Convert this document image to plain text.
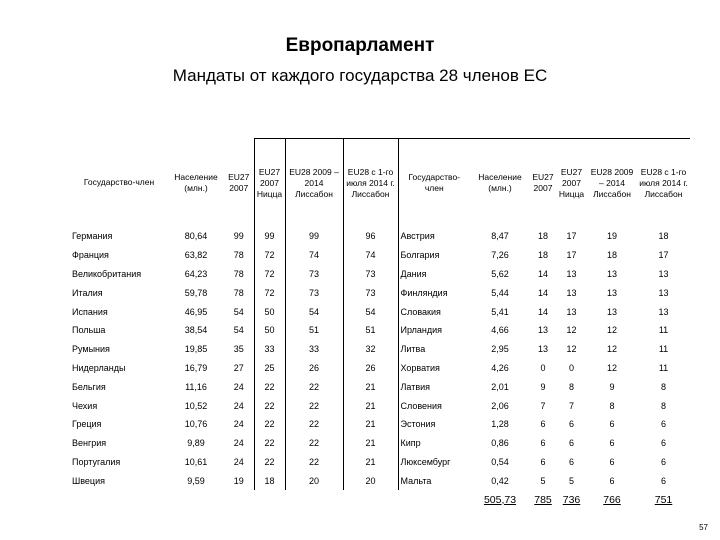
Европарламент
Мандаты от каждого государства 28 членов ЕС
Государство-член	Население (млн.)	EU27 2007	EU27 2007 Ницца	EU28 2009 – 2014 Лиссабон	EU28 с 1-го июля 2014 г. Лиссабон	Государство-член	Население (млн.)	EU27 2007	EU27 2007 Ницца	EU28 2009 – 2014 Лиссабон	EU28 с 1-го июля 2014 г. Лиссабон
Германия	80,64	99	99	99	96	Австрия	8,47	18	17	19	18
Франция	63,82	78	72	74	74	Болгария	7,26	18	17	18	17
Великобритания	64,23	78	72	73	73	Дания	5,62	14	13	13	13
Италия	59,78	78	72	73	73	Финляндия	5,44	14	13	13	13
Испания	46,95	54	50	54	54	Словакия	5,41	14	13	13	13
Польша	38,54	54	50	51	51	Ирландия	4,66	13	12	12	11
Румыния	19,85	35	33	33	32	Литва	2,95	13	12	12	11
Нидерланды	16,79	27	25	26	26	Хорватия	4,26	0	0	12	11
Бельгия	11,16	24	22	22	21	Латвия	2,01	9	8	9	8
Чехия	10,52	24	22	22	21	Словения	2,06	7	7	8	8
Греция	10,76	24	22	22	21	Эстония	1,28	6	6	6	6
Венгрия	9,89	24	22	22	21	Кипр	0,86	6	6	6	6
Португалия	10,61	24	22	22	21	Люксембург	0,54	6	6	6	6
Швеция	9,59	19	18	20	20	Мальта	0,42	5	5	6	6
							505,73	785	736	766	751
57
